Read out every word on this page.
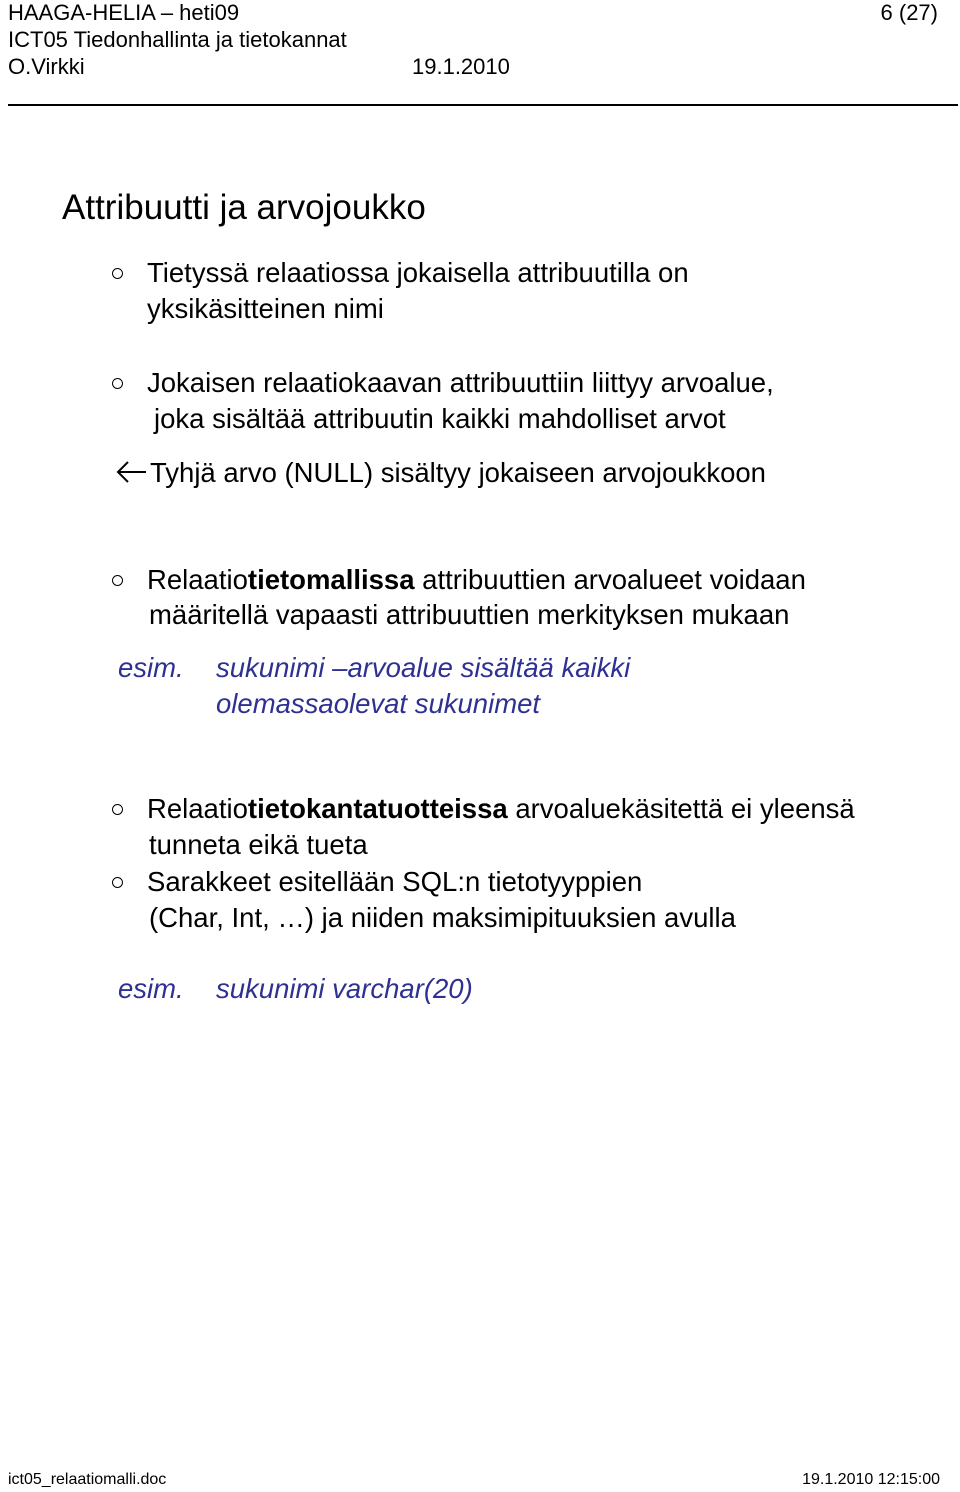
HAAGA-HELIA – heti09	6 (27)
ICT05 Tiedonhallinta ja tietokannat
O.Virkki	19.1.2010
Attribuutti ja arvojoukko
Tietyssä relaatiossa jokaisella attribuutilla on
yksikäsitteinen nimi
Jokaisen relaatiokaavan attribuuttiin liittyy arvoalue,
joka sisältää attribuutin kaikki mahdolliset arvot
Tyhjä arvo (NULL) sisältyy jokaiseen arvojoukkoon
Relaatiotietomallissa attribuuttien arvoalueet voidaan
määritellä vapaasti attribuuttien merkityksen mukaan
esim. sukunimi –arvoalue sisältää kaikki
olemassaolevat sukunimet
Relaatiotietokantatuotteissa arvoaluekäsitettä ei yleensä
tunneta eikä tueta
Sarakkeet esitellään SQL:n tietotyyppien
(Char, Int, …) ja niiden maksimipituuksien avulla
esim. sukunimi varchar(20)
ict05_relaatiomalli.doc	19.1.2010 12:15:00
